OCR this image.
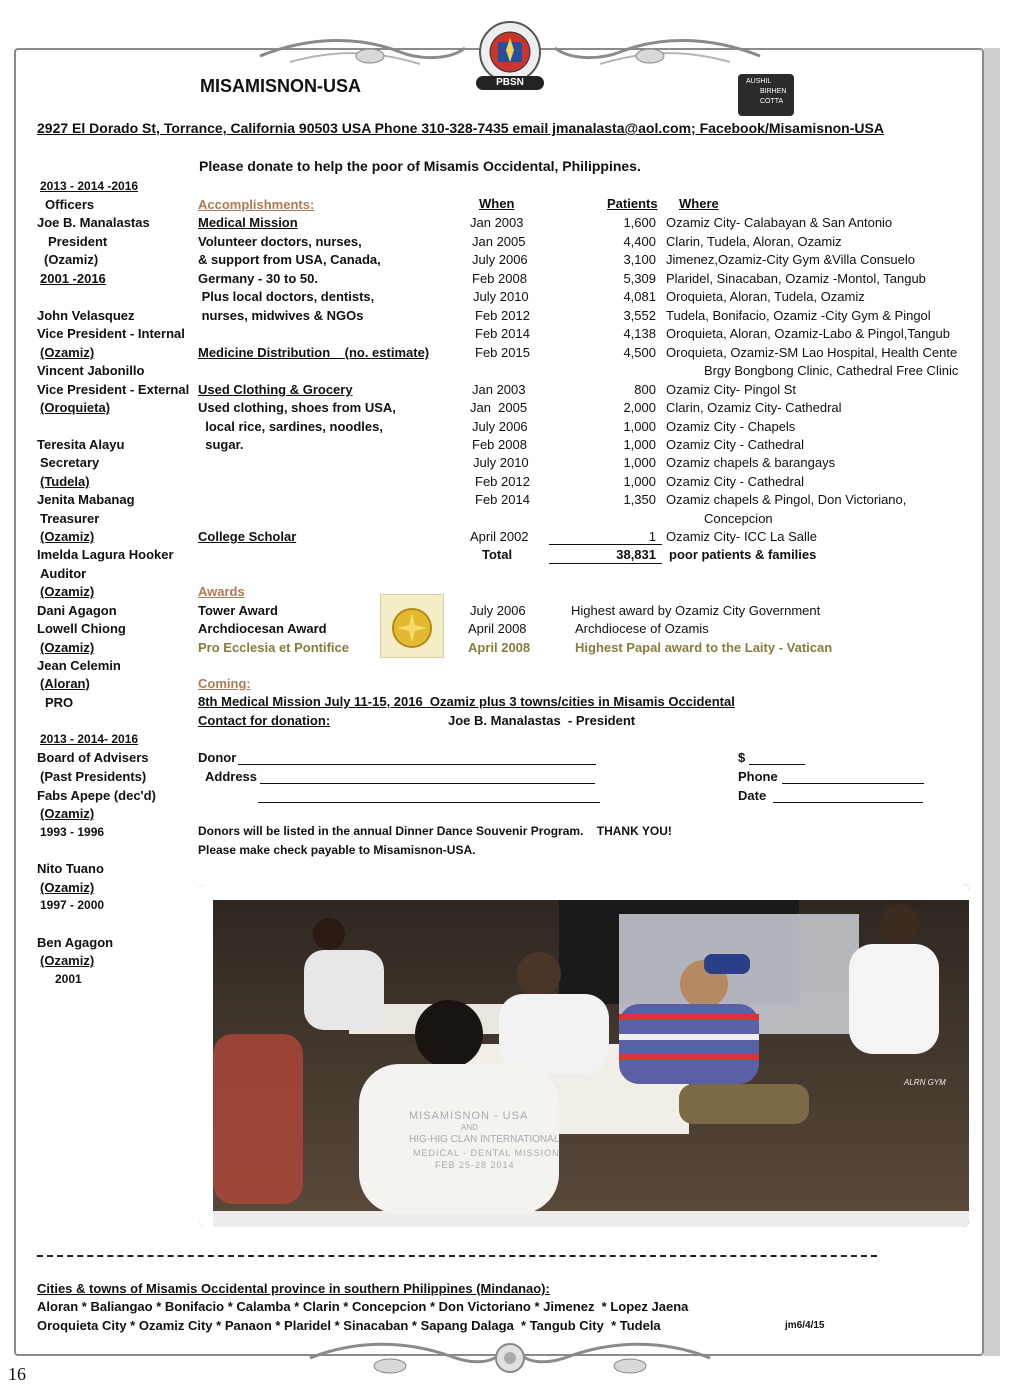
PBSN	AUSHIL
BIRHEN
COTTA
MISAMISNON-USA
2927 El Dorado St, Torrance, California 90503 USA Phone 310-328-7435 email jmanalasta@aol.com; Facebook/Misamisnon-USA
Please donate to help the poor of Misamis Occidental, Philippines.
2013 - 2014 -2016
Officers
Joe B. Manalastas
President
(Ozamiz)
2001 -2016
John Velasquez
Vice President - Internal
(Ozamiz)
Vincent Jabonillo
Vice President - External
(Oroquieta)
Teresita Alayu
Secretary
(Tudela)
Jenita Mabanag
Treasurer
(Ozamiz)
Imelda Lagura Hooker
Auditor
(Ozamiz)
Dani Agagon
Lowell Chiong
(Ozamiz)
Jean Celemin
(Aloran)
PRO
2013 - 2014- 2016
Board of Advisers
(Past Presidents)
Fabs Apepe (dec'd)
(Ozamiz)
1993 - 1996
Nito Tuano
(Ozamiz)
1997 - 2000
Ben Agagon
(Ozamiz)
2001
Accomplishments:	When	Patients Where
Medical Mission
Volunteer doctors, nurses,
& support from USA, Canada,
Germany - 30 to 50.
Plus local doctors, dentists,
nurses, midwives & NGOs
Jan 2003	1,600 Ozamiz City- Calabayan & San Antonio
Jan 2005	4,400 Clarin, Tudela, Aloran, Ozamiz
July 2006	3,100 Jimenez,Ozamiz-City Gym &Villa Consuelo
Feb 2008	5,309 Plaridel, Sinacaban, Ozamiz -Montol, Tangub
July 2010	4,081 Oroquieta, Aloran, Tudela, Ozamiz
Feb 2012	3,552 Tudela, Bonifacio, Ozamiz -City Gym & Pingol
Feb 2014	4,138 Oroquieta, Aloran, Ozamiz-Labo & Pingol,Tangub
Medicine Distribution    (no. estimate)	Feb 2015	4,500 Oroquieta, Ozamiz-SM Lao Hospital, Health Cente
Brgy Bongbong Clinic, Cathedral Free Clinic
Used Clothing & Grocery
Used clothing, shoes from USA,
local rice, sardines, noodles,
sugar.
Jan 2003	800 Ozamiz City- Pingol St
Jan  2005	2,000 Clarin, Ozamiz City- Cathedral
July 2006	1,000 Ozamiz City - Chapels
Feb 2008	1,000 Ozamiz City - Cathedral
July 2010	1,000 Ozamiz chapels & barangays
Feb 2012	1,000 Ozamiz City - Cathedral
Feb 2014	1,350 Ozamiz chapels & Pingol, Don Victoriano,
Concepcion
College Scholar	April 2002	1 Ozamiz City- ICC La Salle
Total	38,831 poor patients & families
Awards
Tower Award	July 2006	Highest award by Ozamiz City Government
Archdiocesan Award	April 2008	Archdiocese of Ozamis
Pro Ecclesia et Pontifice	April 2008	Highest Papal award to the Laity - Vatican
Coming:
8th Medical Mission July 11-15, 2016  Ozamiz plus 3 towns/cities in Misamis Occidental
Contact for donation:	Joe B. Manalastas  - President
Donor
Address
$
Phone
Date
Donors will be listed in the annual Dinner Dance Souvenir Program.    THANK YOU!
Please make check payable to Misamisnon-USA.
MISAMISNON - USA
AND
HIG-HIG CLAN INTERNATIONAL
MEDICAL - DENTAL MISSION
FEB 25-28 2014
ALRN GYM
Cities & towns of Misamis Occidental province in southern Philippines (Mindanao):
Aloran * Baliangao * Bonifacio * Calamba * Clarin * Concepcion * Don Victoriano * Jimenez  * Lopez Jaena
Oroquieta City * Ozamiz City * Panaon * Plaridel * Sinacaban * Sapang Dalaga  * Tangub City  * Tudela	jm6/4/15
16
